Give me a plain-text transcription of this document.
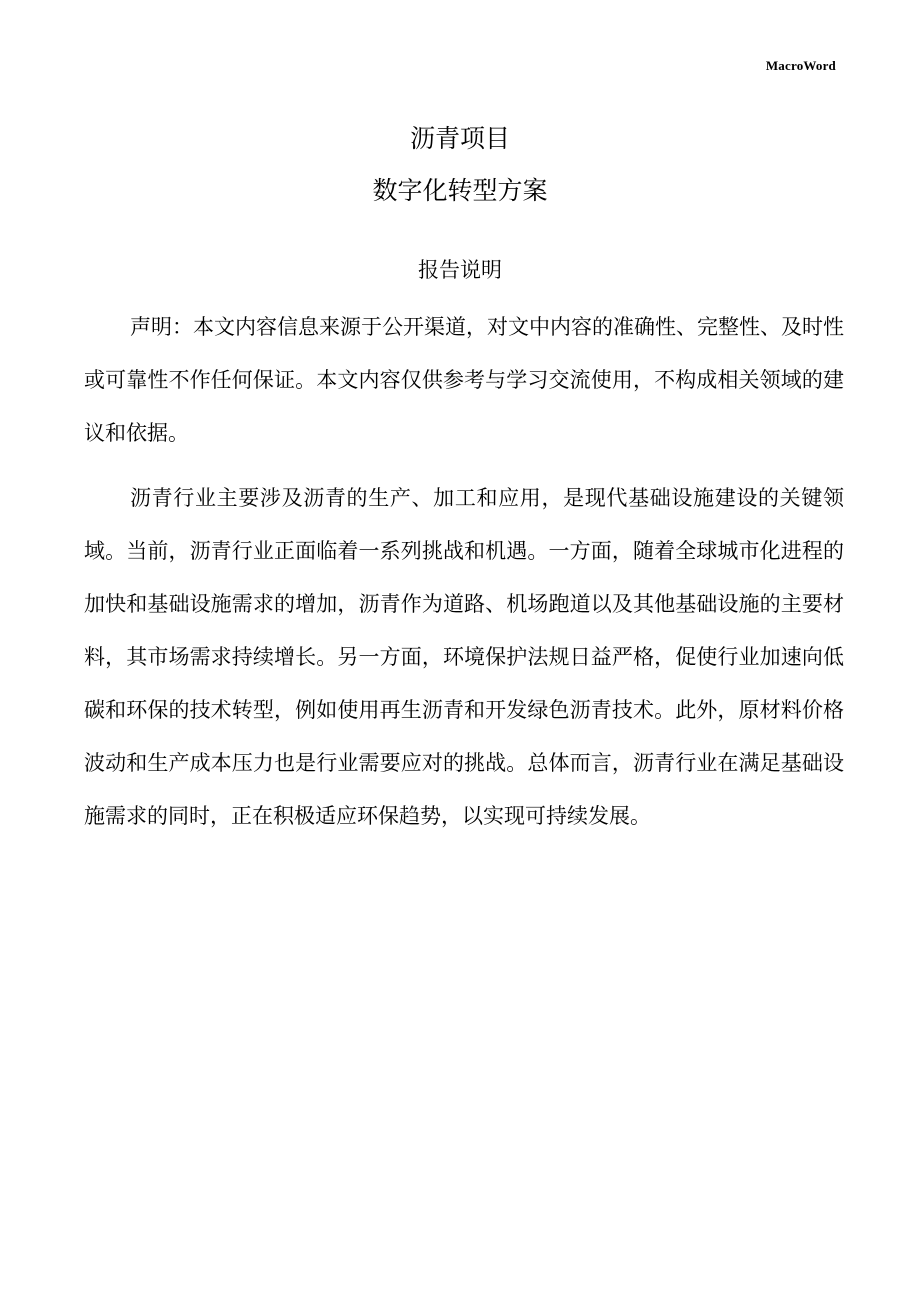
MacroWord
沥青项目
数字化转型方案
报告说明

声明：本文内容信息来源于公开渠道，对文中内容的准确性、完整性、及时性或可靠性不作任何保证。本文内容仅供参考与学习交流使用，不构成相关领域的建议和依据。

沥青行业主要涉及沥青的生产、加工和应用，是现代基础设施建设的关键领域。当前，沥青行业正面临着一系列挑战和机遇。一方面，随着全球城市化进程的加快和基础设施需求的增加，沥青作为道路、机场跑道以及其他基础设施的主要材料，其市场需求持续增长。另一方面，环境保护法规日益严格，促使行业加速向低碳和环保的技术转型，例如使用再生沥青和开发绿色沥青技术。此外，原材料价格波动和生产成本压力也是行业需要应对的挑战。总体而言，沥青行业在满足基础设施需求的同时，正在积极适应环保趋势，以实现可持续发展。
